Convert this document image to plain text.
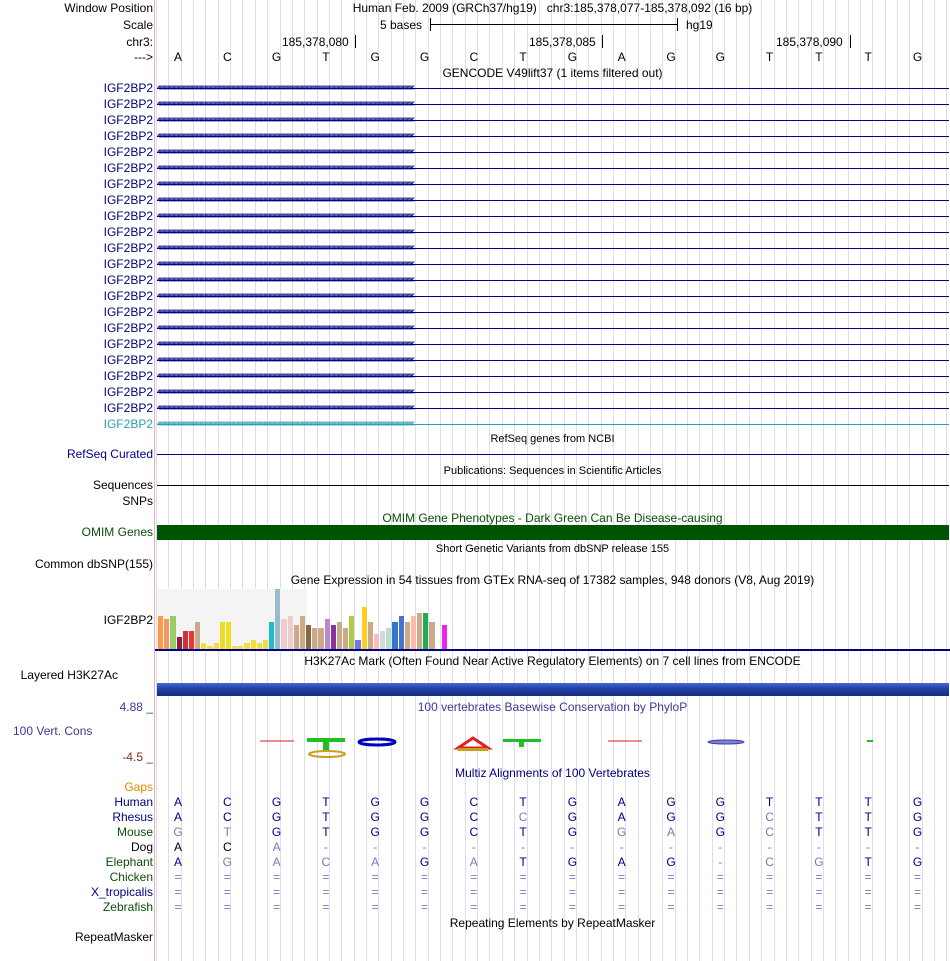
Window Position	Human Feb. 2009 (GRCh37/hg19)   chr3:185,378,077-185,378,092 (16 bp)
Scale	5 bases	hg19
chr3:	185,378,080	185,378,085	185,378,090
--->	A	C	G	T	G	G	C	T	G	A	G	G	T	T	T	G
GENCODE V49lift37 (1 items filtered out)
IGF2BP2 ‹‹‹‹‹‹‹‹‹‹‹‹‹‹‹‹‹‹‹‹‹‹‹‹‹‹‹‹‹‹‹‹‹‹‹‹‹‹‹‹‹‹‹‹‹‹‹‹‹‹‹‹‹‹‹‹‹‹‹‹‹‹‹‹‹‹‹‹‹‹‹‹‹‹‹‹‹‹‹‹‹‹‹‹‹‹‹‹‹‹‹‹‹‹‹‹‹‹‹‹‹‹‹‹‹‹‹‹‹‹‹‹‹‹‹‹‹‹‹‹‹‹‹‹‹‹‹‹‹‹‹‹‹‹‹‹‹‹‹‹‹‹‹‹‹‹‹‹‹‹‹‹‹‹‹‹‹‹‹‹‹‹‹‹‹‹‹‹‹‹‹‹‹‹‹‹‹‹‹‹‹‹‹‹‹‹‹‹‹‹‹‹‹‹‹‹‹‹‹‹
IGF2BP2 ‹‹‹‹‹‹‹‹‹‹‹‹‹‹‹‹‹‹‹‹‹‹‹‹‹‹‹‹‹‹‹‹‹‹‹‹‹‹‹‹‹‹‹‹‹‹‹‹‹‹‹‹‹‹‹‹‹‹‹‹‹‹‹‹‹‹‹‹‹‹‹‹‹‹‹‹‹‹‹‹‹‹‹‹‹‹‹‹‹‹‹‹‹‹‹‹‹‹‹‹‹‹‹‹‹‹‹‹‹‹‹‹‹‹‹‹‹‹‹‹‹‹‹‹‹‹‹‹‹‹‹‹‹‹‹‹‹‹‹‹‹‹‹‹‹‹‹‹‹‹‹‹‹‹‹‹‹‹‹‹‹‹‹‹‹‹‹‹‹‹‹‹‹‹‹‹‹‹‹‹‹‹‹‹‹‹‹‹‹‹‹‹‹‹‹‹‹‹‹‹
IGF2BP2 ‹‹‹‹‹‹‹‹‹‹‹‹‹‹‹‹‹‹‹‹‹‹‹‹‹‹‹‹‹‹‹‹‹‹‹‹‹‹‹‹‹‹‹‹‹‹‹‹‹‹‹‹‹‹‹‹‹‹‹‹‹‹‹‹‹‹‹‹‹‹‹‹‹‹‹‹‹‹‹‹‹‹‹‹‹‹‹‹‹‹‹‹‹‹‹‹‹‹‹‹‹‹‹‹‹‹‹‹‹‹‹‹‹‹‹‹‹‹‹‹‹‹‹‹‹‹‹‹‹‹‹‹‹‹‹‹‹‹‹‹‹‹‹‹‹‹‹‹‹‹‹‹‹‹‹‹‹‹‹‹‹‹‹‹‹‹‹‹‹‹‹‹‹‹‹‹‹‹‹‹‹‹‹‹‹‹‹‹‹‹‹‹‹‹‹‹‹‹‹‹
IGF2BP2 ‹‹‹‹‹‹‹‹‹‹‹‹‹‹‹‹‹‹‹‹‹‹‹‹‹‹‹‹‹‹‹‹‹‹‹‹‹‹‹‹‹‹‹‹‹‹‹‹‹‹‹‹‹‹‹‹‹‹‹‹‹‹‹‹‹‹‹‹‹‹‹‹‹‹‹‹‹‹‹‹‹‹‹‹‹‹‹‹‹‹‹‹‹‹‹‹‹‹‹‹‹‹‹‹‹‹‹‹‹‹‹‹‹‹‹‹‹‹‹‹‹‹‹‹‹‹‹‹‹‹‹‹‹‹‹‹‹‹‹‹‹‹‹‹‹‹‹‹‹‹‹‹‹‹‹‹‹‹‹‹‹‹‹‹‹‹‹‹‹‹‹‹‹‹‹‹‹‹‹‹‹‹‹‹‹‹‹‹‹‹‹‹‹‹‹‹‹‹‹‹
IGF2BP2 ‹‹‹‹‹‹‹‹‹‹‹‹‹‹‹‹‹‹‹‹‹‹‹‹‹‹‹‹‹‹‹‹‹‹‹‹‹‹‹‹‹‹‹‹‹‹‹‹‹‹‹‹‹‹‹‹‹‹‹‹‹‹‹‹‹‹‹‹‹‹‹‹‹‹‹‹‹‹‹‹‹‹‹‹‹‹‹‹‹‹‹‹‹‹‹‹‹‹‹‹‹‹‹‹‹‹‹‹‹‹‹‹‹‹‹‹‹‹‹‹‹‹‹‹‹‹‹‹‹‹‹‹‹‹‹‹‹‹‹‹‹‹‹‹‹‹‹‹‹‹‹‹‹‹‹‹‹‹‹‹‹‹‹‹‹‹‹‹‹‹‹‹‹‹‹‹‹‹‹‹‹‹‹‹‹‹‹‹‹‹‹‹‹‹‹‹‹‹‹‹
IGF2BP2 ‹‹‹‹‹‹‹‹‹‹‹‹‹‹‹‹‹‹‹‹‹‹‹‹‹‹‹‹‹‹‹‹‹‹‹‹‹‹‹‹‹‹‹‹‹‹‹‹‹‹‹‹‹‹‹‹‹‹‹‹‹‹‹‹‹‹‹‹‹‹‹‹‹‹‹‹‹‹‹‹‹‹‹‹‹‹‹‹‹‹‹‹‹‹‹‹‹‹‹‹‹‹‹‹‹‹‹‹‹‹‹‹‹‹‹‹‹‹‹‹‹‹‹‹‹‹‹‹‹‹‹‹‹‹‹‹‹‹‹‹‹‹‹‹‹‹‹‹‹‹‹‹‹‹‹‹‹‹‹‹‹‹‹‹‹‹‹‹‹‹‹‹‹‹‹‹‹‹‹‹‹‹‹‹‹‹‹‹‹‹‹‹‹‹‹‹‹‹‹‹
IGF2BP2 ‹‹‹‹‹‹‹‹‹‹‹‹‹‹‹‹‹‹‹‹‹‹‹‹‹‹‹‹‹‹‹‹‹‹‹‹‹‹‹‹‹‹‹‹‹‹‹‹‹‹‹‹‹‹‹‹‹‹‹‹‹‹‹‹‹‹‹‹‹‹‹‹‹‹‹‹‹‹‹‹‹‹‹‹‹‹‹‹‹‹‹‹‹‹‹‹‹‹‹‹‹‹‹‹‹‹‹‹‹‹‹‹‹‹‹‹‹‹‹‹‹‹‹‹‹‹‹‹‹‹‹‹‹‹‹‹‹‹‹‹‹‹‹‹‹‹‹‹‹‹‹‹‹‹‹‹‹‹‹‹‹‹‹‹‹‹‹‹‹‹‹‹‹‹‹‹‹‹‹‹‹‹‹‹‹‹‹‹‹‹‹‹‹‹‹‹‹‹‹‹
IGF2BP2 ‹‹‹‹‹‹‹‹‹‹‹‹‹‹‹‹‹‹‹‹‹‹‹‹‹‹‹‹‹‹‹‹‹‹‹‹‹‹‹‹‹‹‹‹‹‹‹‹‹‹‹‹‹‹‹‹‹‹‹‹‹‹‹‹‹‹‹‹‹‹‹‹‹‹‹‹‹‹‹‹‹‹‹‹‹‹‹‹‹‹‹‹‹‹‹‹‹‹‹‹‹‹‹‹‹‹‹‹‹‹‹‹‹‹‹‹‹‹‹‹‹‹‹‹‹‹‹‹‹‹‹‹‹‹‹‹‹‹‹‹‹‹‹‹‹‹‹‹‹‹‹‹‹‹‹‹‹‹‹‹‹‹‹‹‹‹‹‹‹‹‹‹‹‹‹‹‹‹‹‹‹‹‹‹‹‹‹‹‹‹‹‹‹‹‹‹‹‹‹‹
IGF2BP2 ‹‹‹‹‹‹‹‹‹‹‹‹‹‹‹‹‹‹‹‹‹‹‹‹‹‹‹‹‹‹‹‹‹‹‹‹‹‹‹‹‹‹‹‹‹‹‹‹‹‹‹‹‹‹‹‹‹‹‹‹‹‹‹‹‹‹‹‹‹‹‹‹‹‹‹‹‹‹‹‹‹‹‹‹‹‹‹‹‹‹‹‹‹‹‹‹‹‹‹‹‹‹‹‹‹‹‹‹‹‹‹‹‹‹‹‹‹‹‹‹‹‹‹‹‹‹‹‹‹‹‹‹‹‹‹‹‹‹‹‹‹‹‹‹‹‹‹‹‹‹‹‹‹‹‹‹‹‹‹‹‹‹‹‹‹‹‹‹‹‹‹‹‹‹‹‹‹‹‹‹‹‹‹‹‹‹‹‹‹‹‹‹‹‹‹‹‹‹‹‹
IGF2BP2 ‹‹‹‹‹‹‹‹‹‹‹‹‹‹‹‹‹‹‹‹‹‹‹‹‹‹‹‹‹‹‹‹‹‹‹‹‹‹‹‹‹‹‹‹‹‹‹‹‹‹‹‹‹‹‹‹‹‹‹‹‹‹‹‹‹‹‹‹‹‹‹‹‹‹‹‹‹‹‹‹‹‹‹‹‹‹‹‹‹‹‹‹‹‹‹‹‹‹‹‹‹‹‹‹‹‹‹‹‹‹‹‹‹‹‹‹‹‹‹‹‹‹‹‹‹‹‹‹‹‹‹‹‹‹‹‹‹‹‹‹‹‹‹‹‹‹‹‹‹‹‹‹‹‹‹‹‹‹‹‹‹‹‹‹‹‹‹‹‹‹‹‹‹‹‹‹‹‹‹‹‹‹‹‹‹‹‹‹‹‹‹‹‹‹‹‹‹‹‹‹
IGF2BP2 ‹‹‹‹‹‹‹‹‹‹‹‹‹‹‹‹‹‹‹‹‹‹‹‹‹‹‹‹‹‹‹‹‹‹‹‹‹‹‹‹‹‹‹‹‹‹‹‹‹‹‹‹‹‹‹‹‹‹‹‹‹‹‹‹‹‹‹‹‹‹‹‹‹‹‹‹‹‹‹‹‹‹‹‹‹‹‹‹‹‹‹‹‹‹‹‹‹‹‹‹‹‹‹‹‹‹‹‹‹‹‹‹‹‹‹‹‹‹‹‹‹‹‹‹‹‹‹‹‹‹‹‹‹‹‹‹‹‹‹‹‹‹‹‹‹‹‹‹‹‹‹‹‹‹‹‹‹‹‹‹‹‹‹‹‹‹‹‹‹‹‹‹‹‹‹‹‹‹‹‹‹‹‹‹‹‹‹‹‹‹‹‹‹‹‹‹‹‹‹‹
IGF2BP2 ‹‹‹‹‹‹‹‹‹‹‹‹‹‹‹‹‹‹‹‹‹‹‹‹‹‹‹‹‹‹‹‹‹‹‹‹‹‹‹‹‹‹‹‹‹‹‹‹‹‹‹‹‹‹‹‹‹‹‹‹‹‹‹‹‹‹‹‹‹‹‹‹‹‹‹‹‹‹‹‹‹‹‹‹‹‹‹‹‹‹‹‹‹‹‹‹‹‹‹‹‹‹‹‹‹‹‹‹‹‹‹‹‹‹‹‹‹‹‹‹‹‹‹‹‹‹‹‹‹‹‹‹‹‹‹‹‹‹‹‹‹‹‹‹‹‹‹‹‹‹‹‹‹‹‹‹‹‹‹‹‹‹‹‹‹‹‹‹‹‹‹‹‹‹‹‹‹‹‹‹‹‹‹‹‹‹‹‹‹‹‹‹‹‹‹‹‹‹‹‹
IGF2BP2 ‹‹‹‹‹‹‹‹‹‹‹‹‹‹‹‹‹‹‹‹‹‹‹‹‹‹‹‹‹‹‹‹‹‹‹‹‹‹‹‹‹‹‹‹‹‹‹‹‹‹‹‹‹‹‹‹‹‹‹‹‹‹‹‹‹‹‹‹‹‹‹‹‹‹‹‹‹‹‹‹‹‹‹‹‹‹‹‹‹‹‹‹‹‹‹‹‹‹‹‹‹‹‹‹‹‹‹‹‹‹‹‹‹‹‹‹‹‹‹‹‹‹‹‹‹‹‹‹‹‹‹‹‹‹‹‹‹‹‹‹‹‹‹‹‹‹‹‹‹‹‹‹‹‹‹‹‹‹‹‹‹‹‹‹‹‹‹‹‹‹‹‹‹‹‹‹‹‹‹‹‹‹‹‹‹‹‹‹‹‹‹‹‹‹‹‹‹‹‹‹
IGF2BP2 ‹‹‹‹‹‹‹‹‹‹‹‹‹‹‹‹‹‹‹‹‹‹‹‹‹‹‹‹‹‹‹‹‹‹‹‹‹‹‹‹‹‹‹‹‹‹‹‹‹‹‹‹‹‹‹‹‹‹‹‹‹‹‹‹‹‹‹‹‹‹‹‹‹‹‹‹‹‹‹‹‹‹‹‹‹‹‹‹‹‹‹‹‹‹‹‹‹‹‹‹‹‹‹‹‹‹‹‹‹‹‹‹‹‹‹‹‹‹‹‹‹‹‹‹‹‹‹‹‹‹‹‹‹‹‹‹‹‹‹‹‹‹‹‹‹‹‹‹‹‹‹‹‹‹‹‹‹‹‹‹‹‹‹‹‹‹‹‹‹‹‹‹‹‹‹‹‹‹‹‹‹‹‹‹‹‹‹‹‹‹‹‹‹‹‹‹‹‹‹‹
IGF2BP2 ‹‹‹‹‹‹‹‹‹‹‹‹‹‹‹‹‹‹‹‹‹‹‹‹‹‹‹‹‹‹‹‹‹‹‹‹‹‹‹‹‹‹‹‹‹‹‹‹‹‹‹‹‹‹‹‹‹‹‹‹‹‹‹‹‹‹‹‹‹‹‹‹‹‹‹‹‹‹‹‹‹‹‹‹‹‹‹‹‹‹‹‹‹‹‹‹‹‹‹‹‹‹‹‹‹‹‹‹‹‹‹‹‹‹‹‹‹‹‹‹‹‹‹‹‹‹‹‹‹‹‹‹‹‹‹‹‹‹‹‹‹‹‹‹‹‹‹‹‹‹‹‹‹‹‹‹‹‹‹‹‹‹‹‹‹‹‹‹‹‹‹‹‹‹‹‹‹‹‹‹‹‹‹‹‹‹‹‹‹‹‹‹‹‹‹‹‹‹‹‹
IGF2BP2 ‹‹‹‹‹‹‹‹‹‹‹‹‹‹‹‹‹‹‹‹‹‹‹‹‹‹‹‹‹‹‹‹‹‹‹‹‹‹‹‹‹‹‹‹‹‹‹‹‹‹‹‹‹‹‹‹‹‹‹‹‹‹‹‹‹‹‹‹‹‹‹‹‹‹‹‹‹‹‹‹‹‹‹‹‹‹‹‹‹‹‹‹‹‹‹‹‹‹‹‹‹‹‹‹‹‹‹‹‹‹‹‹‹‹‹‹‹‹‹‹‹‹‹‹‹‹‹‹‹‹‹‹‹‹‹‹‹‹‹‹‹‹‹‹‹‹‹‹‹‹‹‹‹‹‹‹‹‹‹‹‹‹‹‹‹‹‹‹‹‹‹‹‹‹‹‹‹‹‹‹‹‹‹‹‹‹‹‹‹‹‹‹‹‹‹‹‹‹‹‹
IGF2BP2 ‹‹‹‹‹‹‹‹‹‹‹‹‹‹‹‹‹‹‹‹‹‹‹‹‹‹‹‹‹‹‹‹‹‹‹‹‹‹‹‹‹‹‹‹‹‹‹‹‹‹‹‹‹‹‹‹‹‹‹‹‹‹‹‹‹‹‹‹‹‹‹‹‹‹‹‹‹‹‹‹‹‹‹‹‹‹‹‹‹‹‹‹‹‹‹‹‹‹‹‹‹‹‹‹‹‹‹‹‹‹‹‹‹‹‹‹‹‹‹‹‹‹‹‹‹‹‹‹‹‹‹‹‹‹‹‹‹‹‹‹‹‹‹‹‹‹‹‹‹‹‹‹‹‹‹‹‹‹‹‹‹‹‹‹‹‹‹‹‹‹‹‹‹‹‹‹‹‹‹‹‹‹‹‹‹‹‹‹‹‹‹‹‹‹‹‹‹‹‹‹
IGF2BP2 ‹‹‹‹‹‹‹‹‹‹‹‹‹‹‹‹‹‹‹‹‹‹‹‹‹‹‹‹‹‹‹‹‹‹‹‹‹‹‹‹‹‹‹‹‹‹‹‹‹‹‹‹‹‹‹‹‹‹‹‹‹‹‹‹‹‹‹‹‹‹‹‹‹‹‹‹‹‹‹‹‹‹‹‹‹‹‹‹‹‹‹‹‹‹‹‹‹‹‹‹‹‹‹‹‹‹‹‹‹‹‹‹‹‹‹‹‹‹‹‹‹‹‹‹‹‹‹‹‹‹‹‹‹‹‹‹‹‹‹‹‹‹‹‹‹‹‹‹‹‹‹‹‹‹‹‹‹‹‹‹‹‹‹‹‹‹‹‹‹‹‹‹‹‹‹‹‹‹‹‹‹‹‹‹‹‹‹‹‹‹‹‹‹‹‹‹‹‹‹‹
IGF2BP2 ‹‹‹‹‹‹‹‹‹‹‹‹‹‹‹‹‹‹‹‹‹‹‹‹‹‹‹‹‹‹‹‹‹‹‹‹‹‹‹‹‹‹‹‹‹‹‹‹‹‹‹‹‹‹‹‹‹‹‹‹‹‹‹‹‹‹‹‹‹‹‹‹‹‹‹‹‹‹‹‹‹‹‹‹‹‹‹‹‹‹‹‹‹‹‹‹‹‹‹‹‹‹‹‹‹‹‹‹‹‹‹‹‹‹‹‹‹‹‹‹‹‹‹‹‹‹‹‹‹‹‹‹‹‹‹‹‹‹‹‹‹‹‹‹‹‹‹‹‹‹‹‹‹‹‹‹‹‹‹‹‹‹‹‹‹‹‹‹‹‹‹‹‹‹‹‹‹‹‹‹‹‹‹‹‹‹‹‹‹‹‹‹‹‹‹‹‹‹‹‹
IGF2BP2 ‹‹‹‹‹‹‹‹‹‹‹‹‹‹‹‹‹‹‹‹‹‹‹‹‹‹‹‹‹‹‹‹‹‹‹‹‹‹‹‹‹‹‹‹‹‹‹‹‹‹‹‹‹‹‹‹‹‹‹‹‹‹‹‹‹‹‹‹‹‹‹‹‹‹‹‹‹‹‹‹‹‹‹‹‹‹‹‹‹‹‹‹‹‹‹‹‹‹‹‹‹‹‹‹‹‹‹‹‹‹‹‹‹‹‹‹‹‹‹‹‹‹‹‹‹‹‹‹‹‹‹‹‹‹‹‹‹‹‹‹‹‹‹‹‹‹‹‹‹‹‹‹‹‹‹‹‹‹‹‹‹‹‹‹‹‹‹‹‹‹‹‹‹‹‹‹‹‹‹‹‹‹‹‹‹‹‹‹‹‹‹‹‹‹‹‹‹‹‹‹
IGF2BP2 ‹‹‹‹‹‹‹‹‹‹‹‹‹‹‹‹‹‹‹‹‹‹‹‹‹‹‹‹‹‹‹‹‹‹‹‹‹‹‹‹‹‹‹‹‹‹‹‹‹‹‹‹‹‹‹‹‹‹‹‹‹‹‹‹‹‹‹‹‹‹‹‹‹‹‹‹‹‹‹‹‹‹‹‹‹‹‹‹‹‹‹‹‹‹‹‹‹‹‹‹‹‹‹‹‹‹‹‹‹‹‹‹‹‹‹‹‹‹‹‹‹‹‹‹‹‹‹‹‹‹‹‹‹‹‹‹‹‹‹‹‹‹‹‹‹‹‹‹‹‹‹‹‹‹‹‹‹‹‹‹‹‹‹‹‹‹‹‹‹‹‹‹‹‹‹‹‹‹‹‹‹‹‹‹‹‹‹‹‹‹‹‹‹‹‹‹‹‹‹‹
IGF2BP2 ‹‹‹‹‹‹‹‹‹‹‹‹‹‹‹‹‹‹‹‹‹‹‹‹‹‹‹‹‹‹‹‹‹‹‹‹‹‹‹‹‹‹‹‹‹‹‹‹‹‹‹‹‹‹‹‹‹‹‹‹‹‹‹‹‹‹‹‹‹‹‹‹‹‹‹‹‹‹‹‹‹‹‹‹‹‹‹‹‹‹‹‹‹‹‹‹‹‹‹‹‹‹‹‹‹‹‹‹‹‹‹‹‹‹‹‹‹‹‹‹‹‹‹‹‹‹‹‹‹‹‹‹‹‹‹‹‹‹‹‹‹‹‹‹‹‹‹‹‹‹‹‹‹‹‹‹‹‹‹‹‹‹‹‹‹‹‹‹‹‹‹‹‹‹‹‹‹‹‹‹‹‹‹‹‹‹‹‹‹‹‹‹‹‹‹‹‹‹‹‹
RefSeq genes from NCBI
RefSeq Curated
Publications: Sequences in Scientific Articles
Sequences
SNPs
OMIM Gene Phenotypes - Dark Green Can Be Disease-causing
OMIM Genes
Short Genetic Variants from dbSNP release 155
Common dbSNP(155)
Gene Expression in 54 tissues from GTEx RNA-seq of 17382 samples, 948 donors (V8, Aug 2019)
IGF2BP2
H3K27Ac Mark (Often Found Near Active Regulatory Elements) on 7 cell lines from ENCODE
Layered H3K27Ac
4.88 _	100 vertebrates Basewise Conservation by PhyloP
100 Vert. Cons
-4.5 _
Multiz Alignments of 100 Vertebrates
Gaps
Human	A	C	G	T	G	G	C	T	G	A	G	G	T	T	T	G
Rhesus	A	C	G	T	G	G	C	C	G	A	G	G	C	T	T	G
Mouse	G	T	G	T	G	G	C	T	G	G	A	G	C	T	T	G
Dog	A	C	A	-	-	-	-	-	-	-	-	-	-	-	-	-
Elephant	A	G	A	C	A	G	A	T	G	A	G	-	C	G	T	G
Chicken	=	=	=	=	=	=	=	=	=	=	=	=	=	=	=	=
X_tropicalis	=	=	=	=	=	=	=	=	=	=	=	=	=	=	=	=
Zebrafish	=	=	=	=	=	=	=	=	=	=	=	=	=	=	=	=
Repeating Elements by RepeatMasker
RepeatMasker
